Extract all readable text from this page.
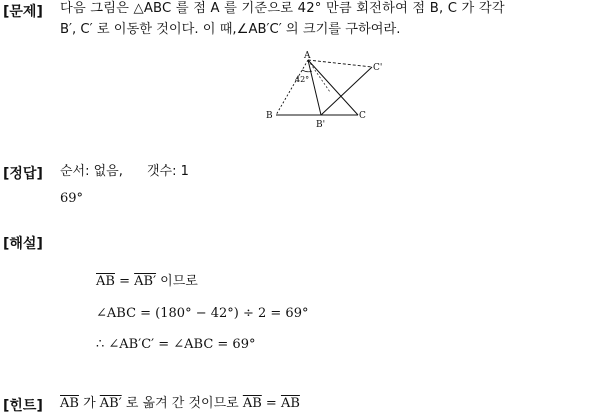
[문제] 다음 그림은 △ABC 를 점 A 를 기준으로 42° 만큼 회전하여 점 B, C 가 각각
B′, C′ 로 이동한 것이다. 이 때,∠AB′C′ 의 크기를 구하여라.
A
B	C
B'
C'
42°
[정답] 순서: 없음, 갯수: 1
69°
[해설]
$\overline{AB} = AB'$ 이므로
∠ABC = (180° − 42°) ÷ 2 = 69°
∴ ∠AB′C′ = ∠ABC = 69°
[힌트] $\overline{AB}$ 가 AB′ 로 옮겨 간 것이므로 $\overline{AB} = \overline{AB}$
